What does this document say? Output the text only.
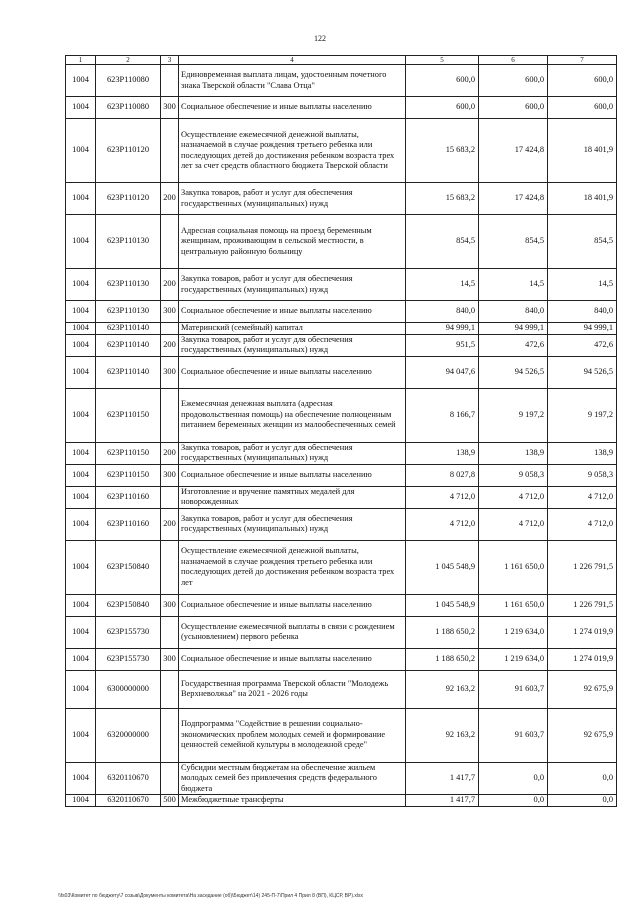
122
1	2	3	4	5	6	7
1004	623P110080		Единовременная выплата лицам, удостоенным почетного знака Тверской области "Слава Отца"	600,0	600,0	600,0
1004	623P110080	300	Социальное обеспечение и иные выплаты населению	600,0	600,0	600,0
1004	623P110120		Осуществление ежемесячной денежной выплаты, назначаемой в случае рождения третьего ребенка или последующих детей до достижения ребенком возраста трех лет за счет средств областного бюджета Тверской области	15 683,2	17 424,8	18 401,9
1004	623P110120	200	Закупка товаров, работ и услуг для обеспечения государственных (муниципальных) нужд	15 683,2	17 424,8	18 401,9
1004	623P110130		Адресная социальная помощь на проезд беременным женщинам, проживающим в сельской местности, в центральную районную больницу	854,5	854,5	854,5
1004	623P110130	200	Закупка товаров, работ и услуг для обеспечения государственных (муниципальных) нужд	14,5	14,5	14,5
1004	623P110130	300	Социальное обеспечение и иные выплаты населению	840,0	840,0	840,0
1004	623P110140		Материнский (семейный) капитал	94 999,1	94 999,1	94 999,1
1004	623P110140	200	Закупка товаров, работ и услуг для обеспечения государственных (муниципальных) нужд	951,5	472,6	472,6
1004	623P110140	300	Социальное обеспечение и иные выплаты населению	94 047,6	94 526,5	94 526,5
1004	623P110150		Ежемесячная денежная выплата (адресная продовольственная помощь) на обеспечение полноценным питанием беременных женщин из малообеспеченных семей	8 166,7	9 197,2	9 197,2
1004	623P110150	200	Закупка товаров, работ и услуг для обеспечения государственных (муниципальных) нужд	138,9	138,9	138,9
1004	623P110150	300	Социальное обеспечение и иные выплаты населению	8 027,8	9 058,3	9 058,3
1004	623P110160		Изготовление и вручение памятных медалей для новорожденных	4 712,0	4 712,0	4 712,0
1004	623P110160	200	Закупка товаров, работ и услуг для обеспечения государственных (муниципальных) нужд	4 712,0	4 712,0	4 712,0
1004	623P150840		Осуществление ежемесячной денежной выплаты, назначаемой в случае рождения третьего ребенка или последующих детей до достижения ребенком возраста трех лет	1 045 548,9	1 161 650,0	1 226 791,5
1004	623P150840	300	Социальное обеспечение и иные выплаты населению	1 045 548,9	1 161 650,0	1 226 791,5
1004	623P155730		Осуществление ежемесячной выплаты в связи с рождением (усыновлением) первого ребенка	1 188 650,2	1 219 634,0	1 274 019,9
1004	623P155730	300	Социальное обеспечение и иные выплаты населению	1 188 650,2	1 219 634,0	1 274 019,9
1004	6300000000		Государственная программа Тверской области "Молодежь Верхневолжья" на 2021 - 2026 годы	92 163,2	91 603,7	92 675,9
1004	6320000000		Подпрограмма "Содействие в решении социально-экономических проблем молодых семей и формирование ценностей семейной культуры в молодежной среде"	92 163,2	91 603,7	92 675,9
1004	6320110670		Субсидии местным бюджетам на обеспечение жильем молодых семей без привлечения средств федерального бюджета	1 417,7	0,0	0,0
1004	6320110670	500	Межбюджетные трансферты	1 417,7	0,0	0,0
\\fs03\Комитет по бюджету\7 созыв\Документы комитета\На заседание (об)\Бюджет\14) 245-П-7\Прил 4 Прил 8 (ВП), КЦСР, ВР).xlsx
